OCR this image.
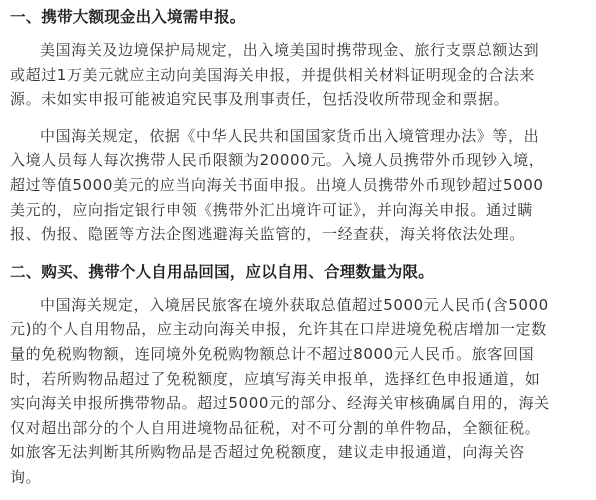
一、携带大额现金出入境需申报。
美国海关及边境保护局规定，出入境美国时携带现金、旅行支票总额达到
或超过1万美元就应主动向美国海关申报，并提供相关材料证明现金的合法来
源。未如实申报可能被追究民事及刑事责任，包括没收所带现金和票据。
中国海关规定，依据《中华人民共和国国家货币出入境管理办法》等，出
入境人员每人每次携带人民币限额为20000元。入境人员携带外币现钞入境，
超过等值5000美元的应当向海关书面申报。出境人员携带外币现钞超过5000
美元的，应向指定银行申领《携带外汇出境许可证》，并向海关申报。通过瞒
报、伪报、隐匿等方法企图逃避海关监管的，一经查获，海关将依法处理。
二、购买、携带个人自用品回国，应以自用、合理数量为限。
中国海关规定，入境居民旅客在境外获取总值超过5000元人民币(含5000
元)的个人自用物品，应主动向海关申报，允许其在口岸进境免税店增加一定数
量的免税购物额，连同境外免税购物额总计不超过8000元人民币。旅客回国
时，若所购物品超过了免税额度，应填写海关申报单，选择红色申报通道，如
实向海关申报所携带物品。超过5000元的部分、经海关审核确属自用的，海关
仅对超出部分的个人自用进境物品征税，对不可分割的单件物品，全额征税。
如旅客无法判断其所购物品是否超过免税额度，建议走申报通道，向海关咨
询。
